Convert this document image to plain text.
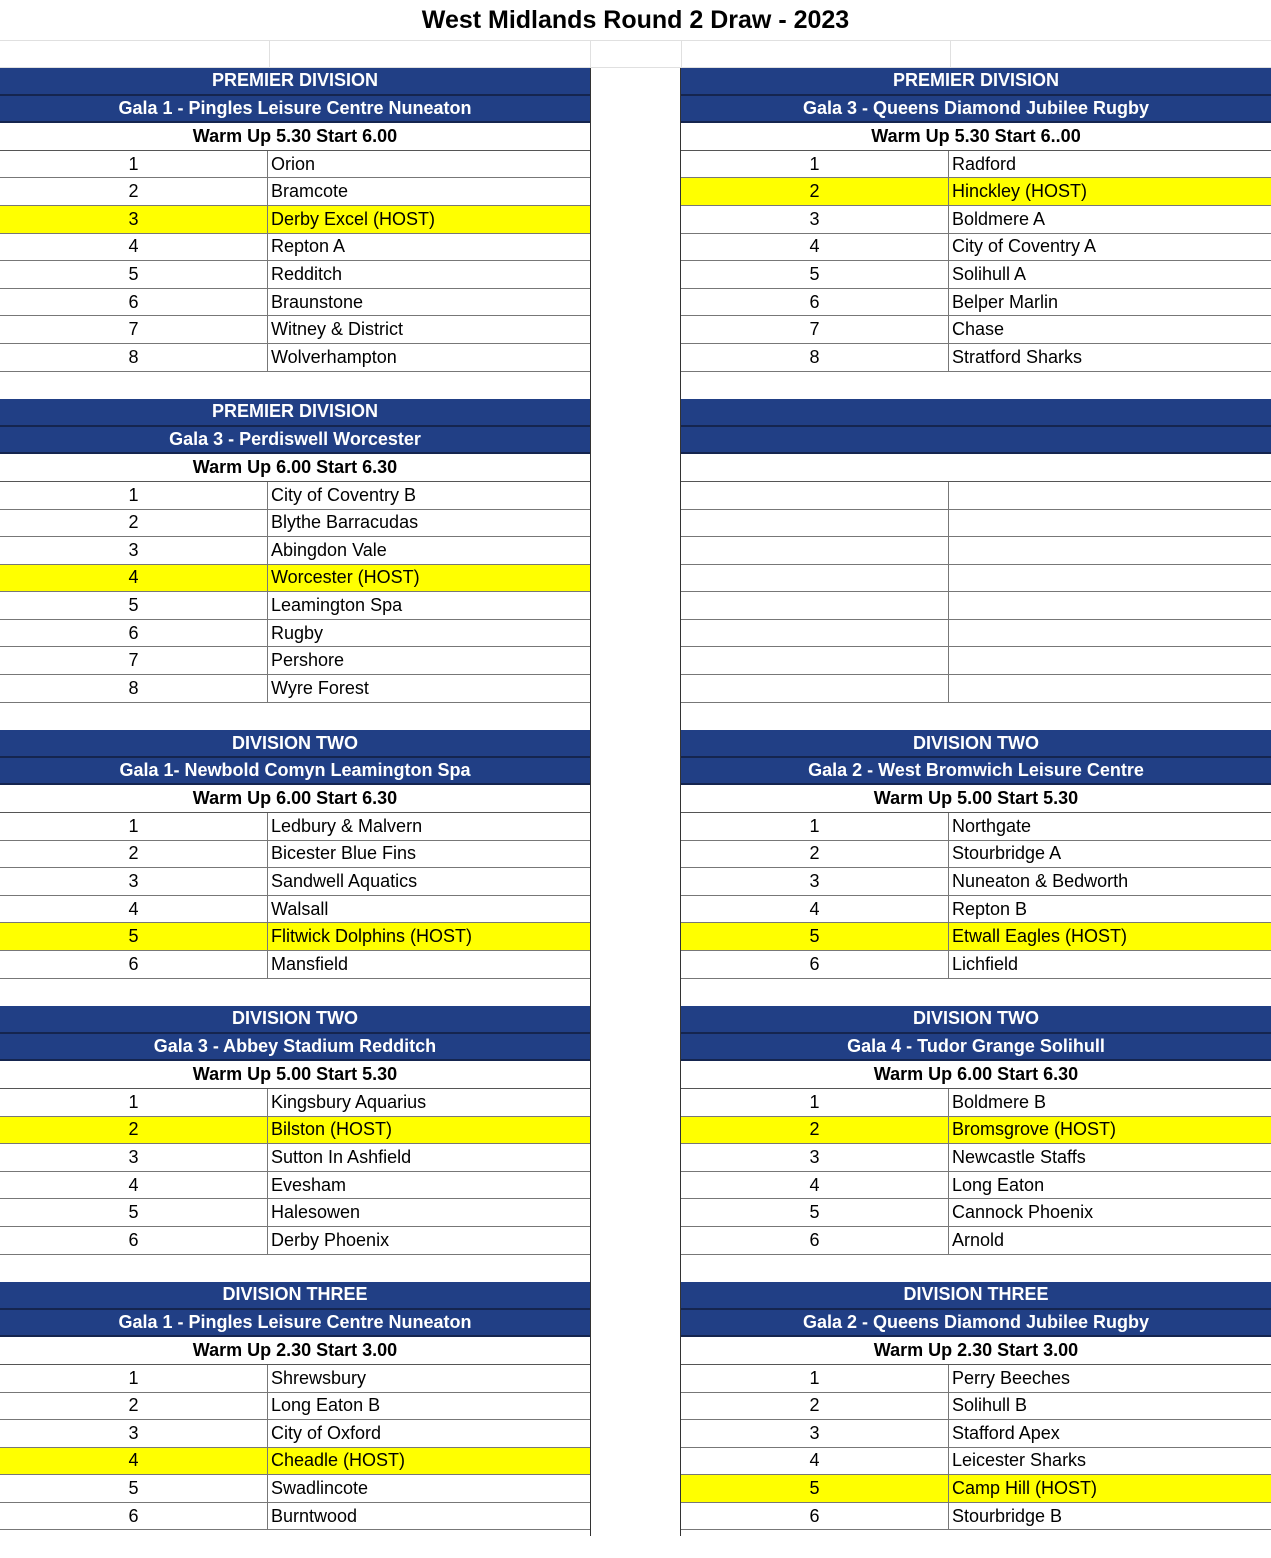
West Midlands Round 2 Draw - 2023
PREMIER DIVISION
Gala 1 - Pingles Leisure Centre Nuneaton
Warm Up 5.30 Start 6.00
1	Orion
2	Bramcote
3	Derby Excel (HOST)
4	Repton A
5	Redditch
6	Braunstone
7	Witney & District
8	Wolverhampton
PREMIER DIVISION
Gala 3 - Perdiswell Worcester
Warm Up 6.00 Start 6.30
1	City of Coventry B
2	Blythe Barracudas
3	Abingdon Vale
4	Worcester (HOST)
5	Leamington Spa
6	Rugby
7	Pershore
8	Wyre Forest
DIVISION TWO
Gala 1- Newbold Comyn Leamington Spa
Warm Up 6.00 Start 6.30
1	Ledbury & Malvern
2	Bicester Blue Fins
3	Sandwell Aquatics
4	Walsall
5	Flitwick Dolphins (HOST)
6	Mansfield
DIVISION TWO
Gala 3 - Abbey Stadium Redditch
Warm Up 5.00 Start 5.30
1	Kingsbury Aquarius
2	Bilston (HOST)
3	Sutton In Ashfield
4	Evesham
5	Halesowen
6	Derby Phoenix
DIVISION THREE
Gala 1 - Pingles Leisure Centre Nuneaton
Warm Up 2.30 Start 3.00
1	Shrewsbury
2	Long Eaton B
3	City of Oxford
4	Cheadle (HOST)
5	Swadlincote
6	Burntwood
PREMIER DIVISION
Gala 3 - Queens Diamond Jubilee Rugby
Warm Up 5.30 Start 6..00
1	Radford
2	Hinckley (HOST)
3	Boldmere A
4	City of Coventry A
5	Solihull A
6	Belper Marlin
7	Chase
8	Stratford Sharks
DIVISION TWO
Gala 2 - West Bromwich Leisure Centre
Warm Up 5.00 Start 5.30
1	Northgate
2	Stourbridge A
3	Nuneaton & Bedworth
4	Repton B
5	Etwall Eagles (HOST)
6	Lichfield
DIVISION TWO
Gala 4 - Tudor Grange Solihull
Warm Up 6.00 Start 6.30
1	Boldmere B
2	Bromsgrove (HOST)
3	Newcastle Staffs
4	Long Eaton
5	Cannock Phoenix
6	Arnold
DIVISION THREE
Gala 2 - Queens Diamond Jubilee Rugby
Warm Up 2.30 Start 3.00
1	Perry Beeches
2	Solihull B
3	Stafford Apex
4	Leicester Sharks
5	Camp Hill (HOST)
6	Stourbridge B
